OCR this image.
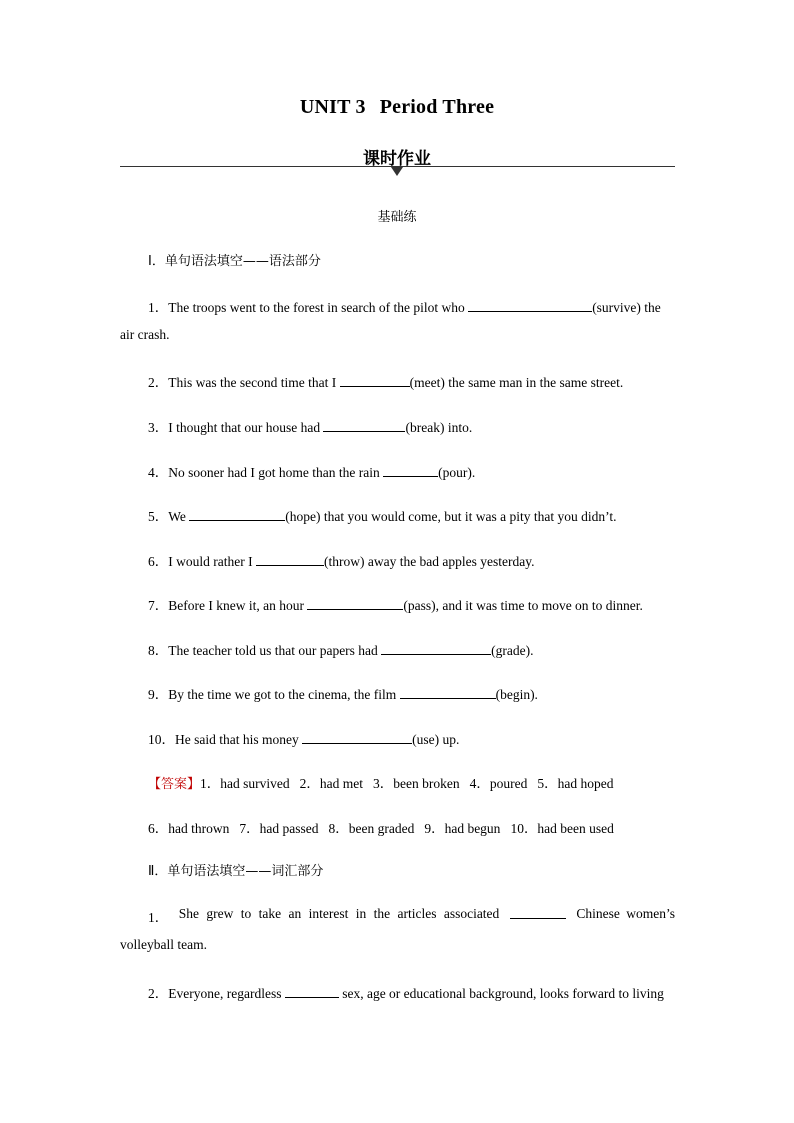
UNIT 3 Period Three
课时作业
基础练
Ⅰ．单句语法填空——语法部分
1．The troops went to the forest in search of the pilot who	(survive) the
air crash.
2．This was the second time that I	(meet) the same man in the same street.
3．I thought that our house had	(break) into.
4．No sooner had I got home than the rain	(pour).
5．We	(hope) that you would come, but it was a pity that you didn’t.
6．I would rather I	(throw) away the bad apples yesterday.
7．Before I knew it, an hour	(pass), and it was time to move on to dinner.
8．The teacher told us that our papers had	(grade).
9．By the time we got to the cinema, the film	(begin).
10．He said that his money	(use) up.
【答案】1．had survived 2．had met 3．been broken 4．poured 5．had hoped
6．had thrown 7．had passed 8．been graded 9．had begun 10．had been used
Ⅱ．单句语法填空——词汇部分
1． She grew to take an interest in the articles associated	Chinese women’s
volleyball team.
2．Everyone, regardless	sex, age or educational background, looks forward to living
